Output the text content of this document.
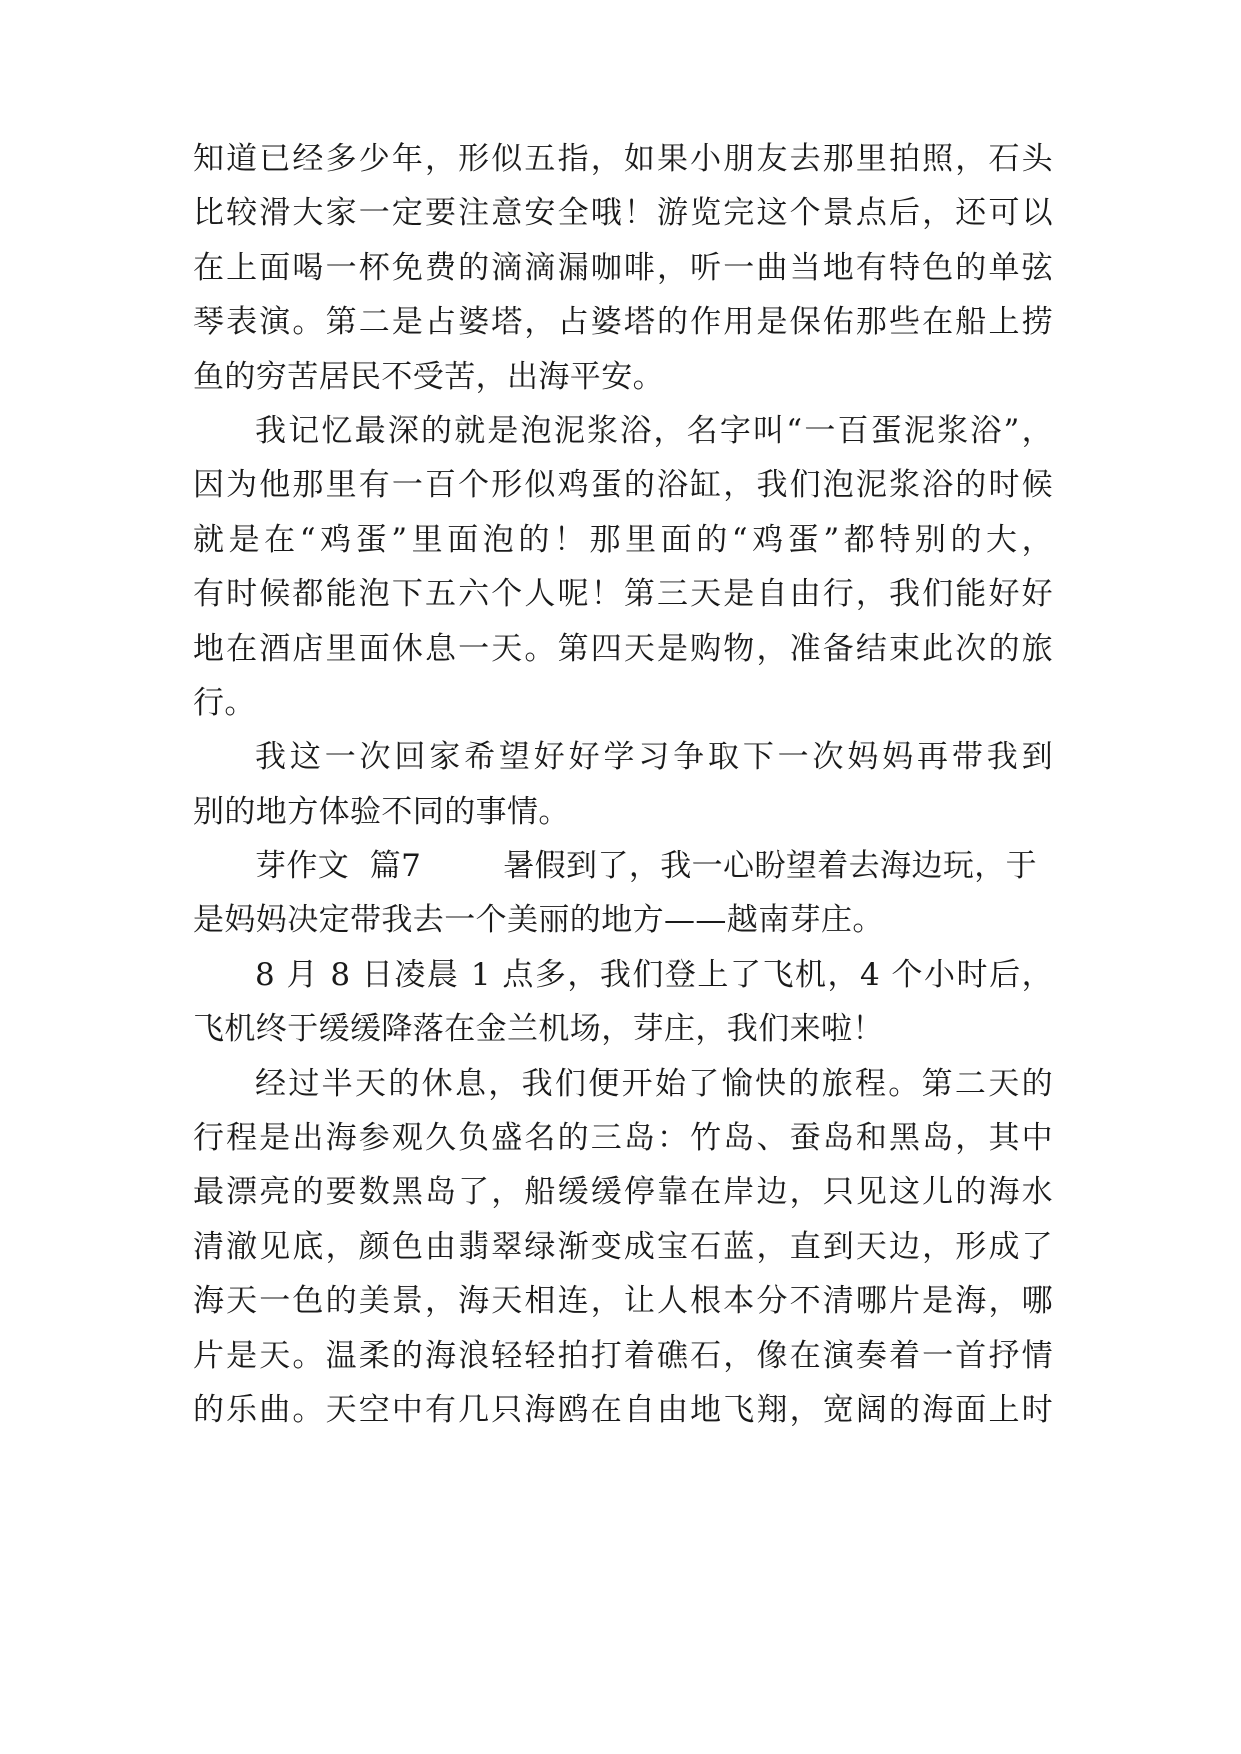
知道已经多少年，形似五指，如果小朋友去那里拍照，石头
比较滑大家一定要注意安全哦！游览完这个景点后，还可以
在上面喝一杯免费的滴滴漏咖啡，听一曲当地有特色的单弦
琴表演。第二是占婆塔，占婆塔的作用是保佑那些在船上捞
鱼的穷苦居民不受苦，出海平安。
我记忆最深的就是泡泥浆浴，名字叫“一百蛋泥浆浴”，
因为他那里有一百个形似鸡蛋的浴缸，我们泡泥浆浴的时候
就是在“鸡蛋”里面泡的！那里面的“鸡蛋”都特别的大，
有时候都能泡下五六个人呢！第三天是自由行，我们能好好
地在酒店里面休息一天。第四天是购物，准备结束此次的旅
行。
我这一次回家希望好好学习争取下一次妈妈再带我到
别的地方体验不同的事情。
芽作文  篇7        暑假到了，我一心盼望着去海边玩，于
是妈妈决定带我去一个美丽的地方——越南芽庄。
8 月 8 日凌晨 1 点多，我们登上了飞机，4 个小时后，
飞机终于缓缓降落在金兰机场，芽庄，我们来啦！
经过半天的休息，我们便开始了愉快的旅程。第二天的
行程是出海参观久负盛名的三岛：竹岛、蚕岛和黑岛，其中
最漂亮的要数黑岛了，船缓缓停靠在岸边，只见这儿的海水
清澈见底，颜色由翡翠绿渐变成宝石蓝，直到天边，形成了
海天一色的美景，海天相连，让人根本分不清哪片是海，哪
片是天。温柔的海浪轻轻拍打着礁石，像在演奏着一首抒情
的乐曲。天空中有几只海鸥在自由地飞翔，宽阔的海面上时
